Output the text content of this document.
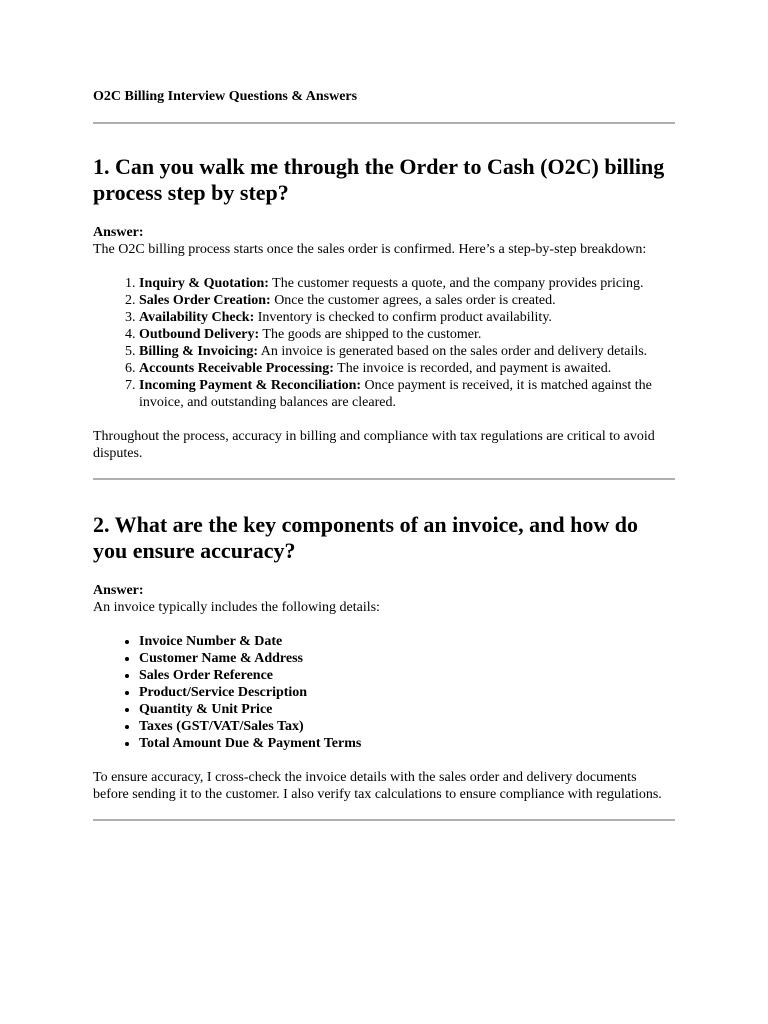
O2C Billing Interview Questions & Answers

1. Can you walk me through the Order to Cash (O2C) billing process step by step?

Answer:

The O2C billing process starts once the sales order is confirmed. Here’s a step-by-step breakdown:

1. Inquiry & Quotation: The customer requests a quote, and the company provides pricing.
2. Sales Order Creation: Once the customer agrees, a sales order is created.
3. Availability Check: Inventory is checked to confirm product availability.
4. Outbound Delivery: The goods are shipped to the customer.
5. Billing & Invoicing: An invoice is generated based on the sales order and delivery details.
6. Accounts Receivable Processing: The invoice is recorded, and payment is awaited.
7. Incoming Payment & Reconciliation: Once payment is received, it is matched against the invoice, and outstanding balances are cleared.

Throughout the process, accuracy in billing and compliance with tax regulations are critical to avoid disputes.

2. What are the key components of an invoice, and how do you ensure accuracy?

Answer:

An invoice typically includes the following details:

• Invoice Number & Date
• Customer Name & Address
• Sales Order Reference
• Product/Service Description
• Quantity & Unit Price
• Taxes (GST/VAT/Sales Tax)
• Total Amount Due & Payment Terms

To ensure accuracy, I cross-check the invoice details with the sales order and delivery documents before sending it to the customer. I also verify tax calculations to ensure compliance with regulations.
